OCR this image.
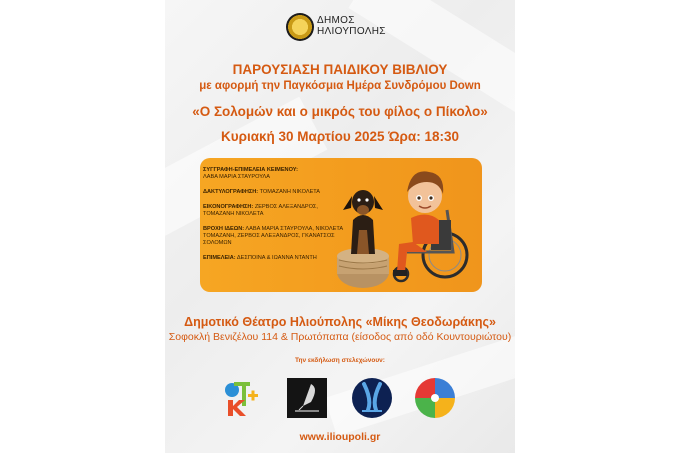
ΔΗΜΟΣ
ΗΛΙΟΥΠΟΛΗΣ
ΠΑΡΟΥΣΙΑΣΗ ΠΑΙΔΙΚΟΥ ΒΙΒΛΙΟΥ
με αφορμή την Παγκόσμια Ημέρα Συνδρόμου Down
«Ο Σολομών και ο μικρός του φίλος ο Πίκολο»
Κυριακή 30 Μαρτίου 2025 Ώρα: 18:30
ΣΥΓΓΡΑΦΗ-ΕΠΙΜΕΛΕΙΑ ΚΕΙΜΕΝΟΥ:
ΛΑΒΑ ΜΑΡΙΑ ΣΤΑΥΡΟΥΛΑ
ΔΑΚΤΥΛΟΓΡΑΦΗΣΗ: ΤΟΜΑΖΑΝΗ ΝΙΚΟΛΕΤΑ
ΕΙΚΟΝΟΓΡΑΦΗΣΗ: ΖΕΡΒΟΣ ΑΛΕΞΑΝΔΡΟΣ, ΤΟΜΑΖΑΝΗ ΝΙΚΟΛΕΤΑ
ΒΡΟΧΗ ΙΔΕΩΝ: ΛΑΒΑ ΜΑΡΙΑ ΣΤΑΥΡΟΥΛΑ, ΝΙΚΟΛΕΤΑ ΤΟΜΑΖΑΝΗ, ΖΕΡΒΟΣ ΑΛΕΞΑΝΔΡΟΣ, ΓΚΑΝΑΤΣΟΣ ΣΟΛΟΜΩΝ
ΕΠΙΜΕΛΕΙΑ: ΔΕΣΠΟΙΝΑ & ΙΩΑΝΝΑ ΝΤΑΝΤΗ
Δημοτικό Θέατρο Ηλιούπολης «Μίκης Θεοδωράκης»
Σοφοκλή Βενιζέλου 114 & Πρωτόπαπα (είσοδος από οδό Κουντουριώτου)
Την εκδήλωση στελεχώνουν:
www.ilioupoli.gr
